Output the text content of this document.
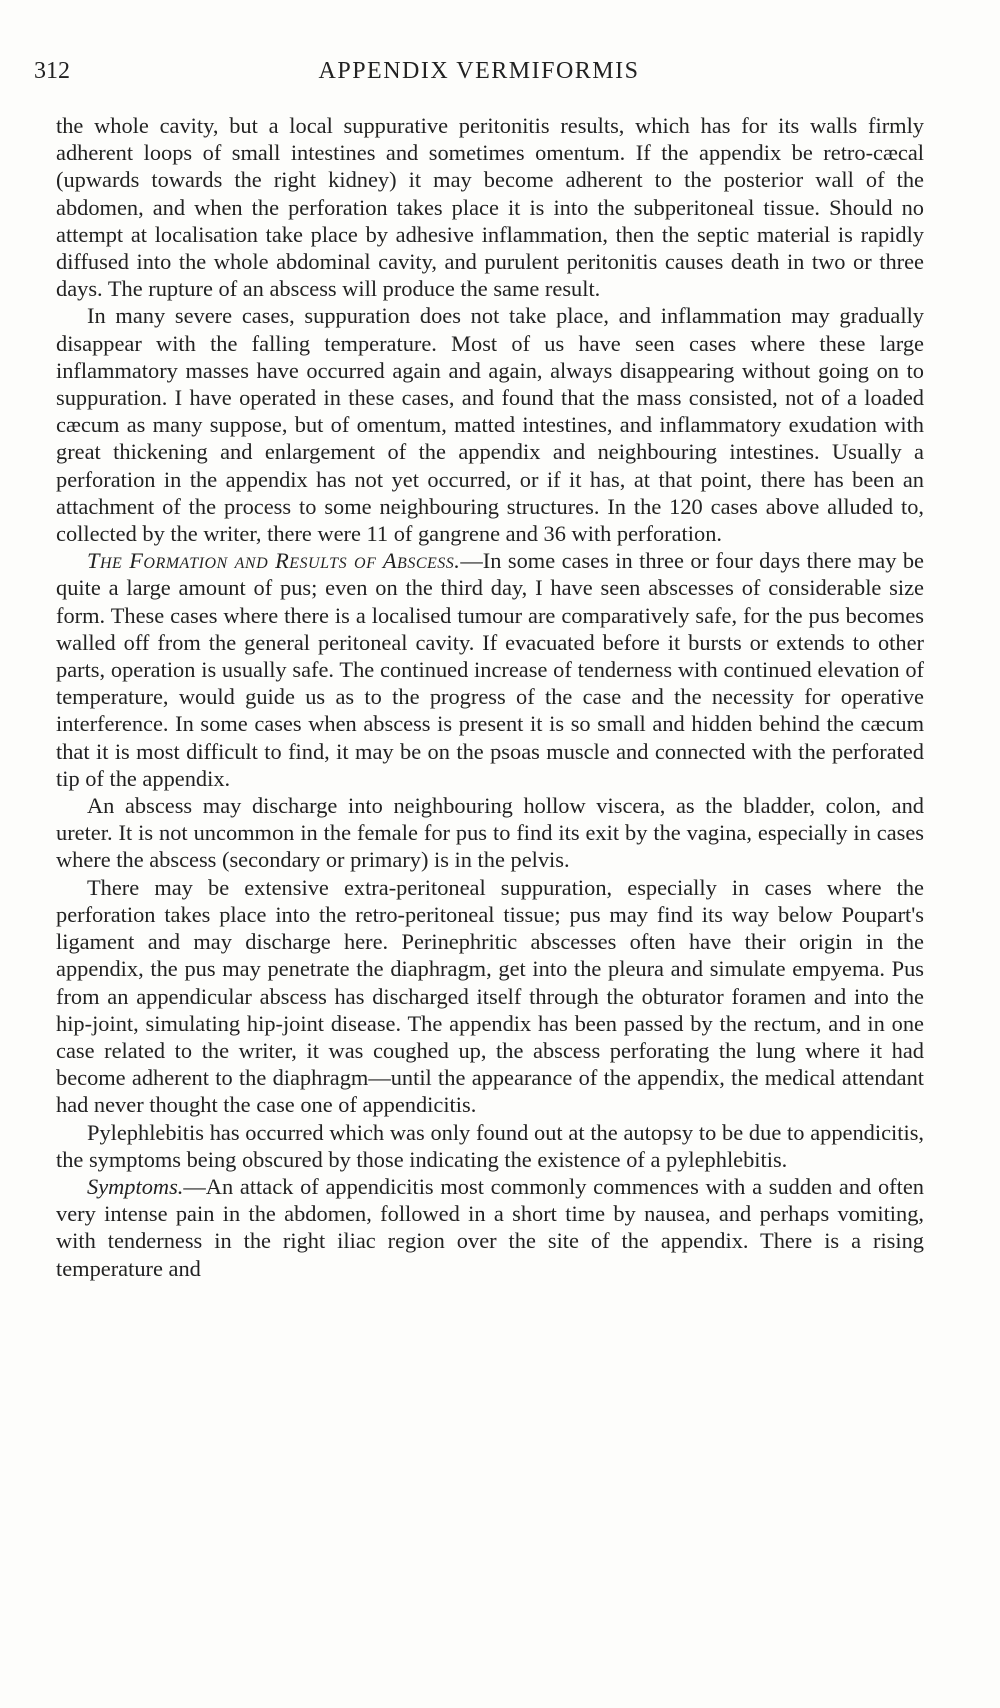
312	APPENDIX VERMIFORMIS

the whole cavity, but a local suppurative peritonitis results, which has for its walls firmly adherent loops of small intestines and sometimes omentum. If the appendix be retro-cæcal (upwards towards the right kidney) it may become adherent to the posterior wall of the abdomen, and when the perforation takes place it is into the subperitoneal tissue. Should no attempt at localisation take place by adhesive inflammation, then the septic material is rapidly diffused into the whole abdominal cavity, and purulent peritonitis causes death in two or three days. The rupture of an abscess will produce the same result.

In many severe cases, suppuration does not take place, and inflammation may gradually disappear with the falling temperature. Most of us have seen cases where these large inflammatory masses have occurred again and again, always disappearing without going on to suppuration. I have operated in these cases, and found that the mass consisted, not of a loaded cæcum as many suppose, but of omentum, matted intestines, and inflammatory exudation with great thickening and enlargement of the appendix and neighbouring intestines. Usually a perforation in the appendix has not yet occurred, or if it has, at that point, there has been an attachment of the process to some neighbouring structures. In the 120 cases above alluded to, collected by the writer, there were 11 of gangrene and 36 with perforation.

The Formation and Results of Abscess.—In some cases in three or four days there may be quite a large amount of pus; even on the third day, I have seen abscesses of considerable size form. These cases where there is a localised tumour are comparatively safe, for the pus becomes walled off from the general peritoneal cavity. If evacuated before it bursts or extends to other parts, operation is usually safe. The continued increase of tenderness with continued elevation of temperature, would guide us as to the progress of the case and the necessity for operative interference. In some cases when abscess is present it is so small and hidden behind the cæcum that it is most difficult to find, it may be on the psoas muscle and connected with the perforated tip of the appendix.

An abscess may discharge into neighbouring hollow viscera, as the bladder, colon, and ureter. It is not uncommon in the female for pus to find its exit by the vagina, especially in cases where the abscess (secondary or primary) is in the pelvis.

There may be extensive extra-peritoneal suppuration, especially in cases where the perforation takes place into the retro-peritoneal tissue; pus may find its way below Poupart's ligament and may discharge here. Perinephritic abscesses often have their origin in the appendix, the pus may penetrate the diaphragm, get into the pleura and simulate empyema. Pus from an appendicular abscess has discharged itself through the obturator foramen and into the hip-joint, simulating hip-joint disease. The appendix has been passed by the rectum, and in one case related to the writer, it was coughed up, the abscess perforating the lung where it had become adherent to the diaphragm—until the appearance of the appendix, the medical attendant had never thought the case one of appendicitis.

Pylephlebitis has occurred which was only found out at the autopsy to be due to appendicitis, the symptoms being obscured by those indicating the existence of a pylephlebitis.

Symptoms.—An attack of appendicitis most commonly commences with a sudden and often very intense pain in the abdomen, followed in a short time by nausea, and perhaps vomiting, with tenderness in the right iliac region over the site of the appendix. There is a rising temperature and
